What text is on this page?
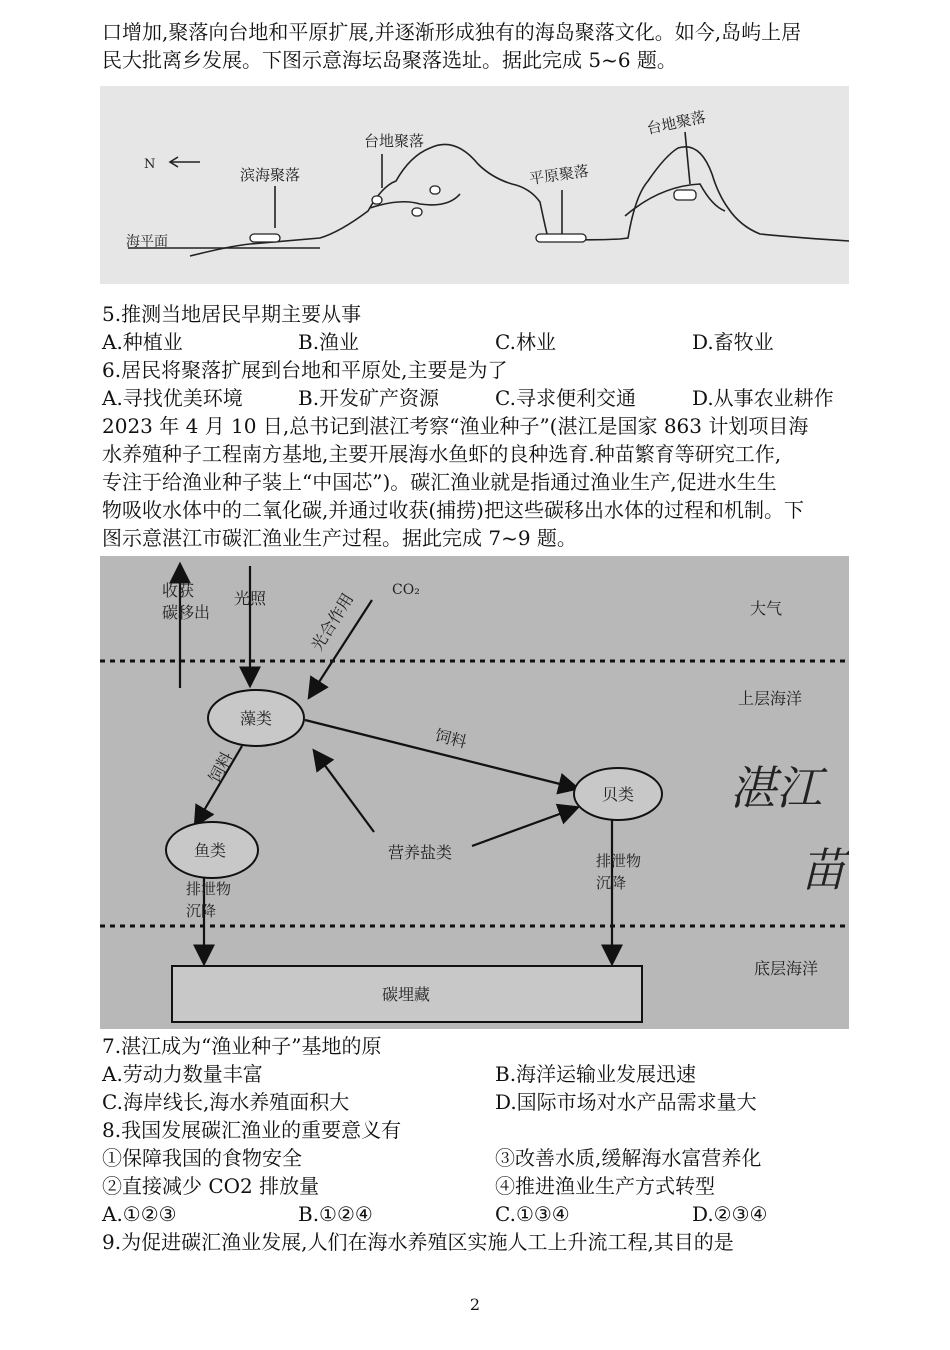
口增加,聚落向台地和平原扩展,并逐渐形成独有的海岛聚落文化。如今,岛屿上居
民大批离乡发展。下图示意海坛岛聚落选址。据此完成 5~6 题。
N
海平面
滨海聚落
台地聚落
平原聚落
台地聚落
5.推测当地居民早期主要从事
A.种植业	B.渔业	C.林业	D.畜牧业
6.居民将聚落扩展到台地和平原处,主要是为了
A.寻找优美环境	B.开发矿产资源	C.寻求便利交通	D.从事农业耕作
2023 年 4 月 10 日,总书记到湛江考察“渔业种子”(湛江是国家 863 计划项目海
水养殖种子工程南方基地,主要开展海水鱼虾的良种选育.种苗繁育等研究工作,
专注于给渔业种子装上“中国芯”)。碳汇渔业就是指通过渔业生产,促进水生生
物吸收水体中的二氧化碳,并通过收获(捕捞)把这些碳移出水体的过程和机制。下
图示意湛江市碳汇渔业生产过程。据此完成 7~9 题。
收获
碳移出
光照	CO₂
光合作用	大气
上层海洋
藻类
饲料
饲料
贝类
鱼类	营养盐类
排泄物
沉降
排泄物
沉降
底层海洋
碳埋藏
湛江
苗
7.湛江成为“渔业种子”基地的原
A.劳动力数量丰富	B.海洋运输业发展迅速
C.海岸线长,海水养殖面积大	D.国际市场对水产品需求量大
8.我国发展碳汇渔业的重要意义有
①保障我国的食物安全	③改善水质,缓解海水富营养化
②直接减少 CO2 排放量	④推进渔业生产方式转型
A.①②③	B.①②④	C.①③④	D.②③④
9.为促进碳汇渔业发展,人们在海水养殖区实施人工上升流工程,其目的是
2
